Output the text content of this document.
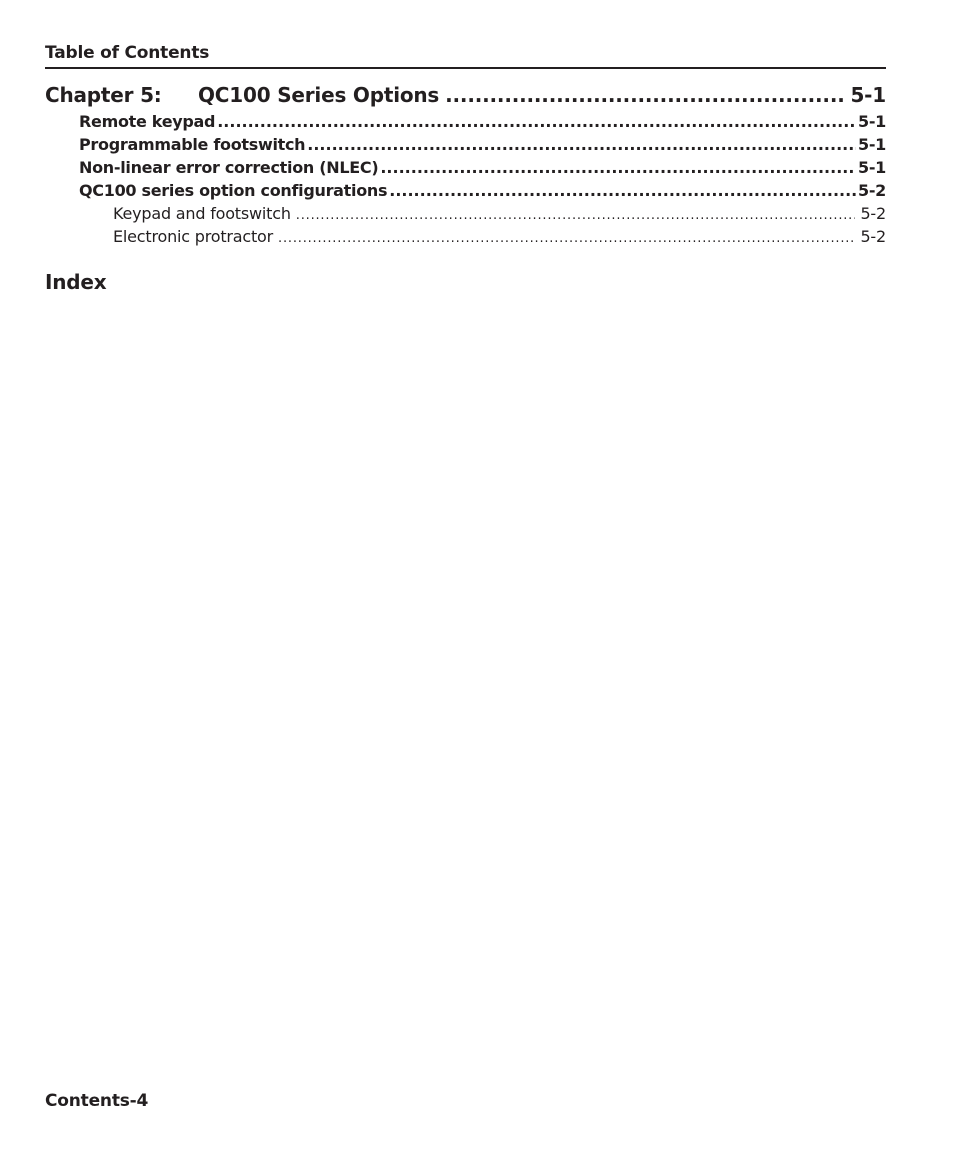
Table of Contents
Chapter 5: QC100 Series Options .....	5-1
Remote keypad .....	5-1
Programmable footswitch .....	5-1
Non-linear error correction (NLEC) .....	5-1
QC100 series option configurations .....	5-2
Keypad and footswitch .....	5-2
Electronic protractor .....	5-2
Index
Contents-4
